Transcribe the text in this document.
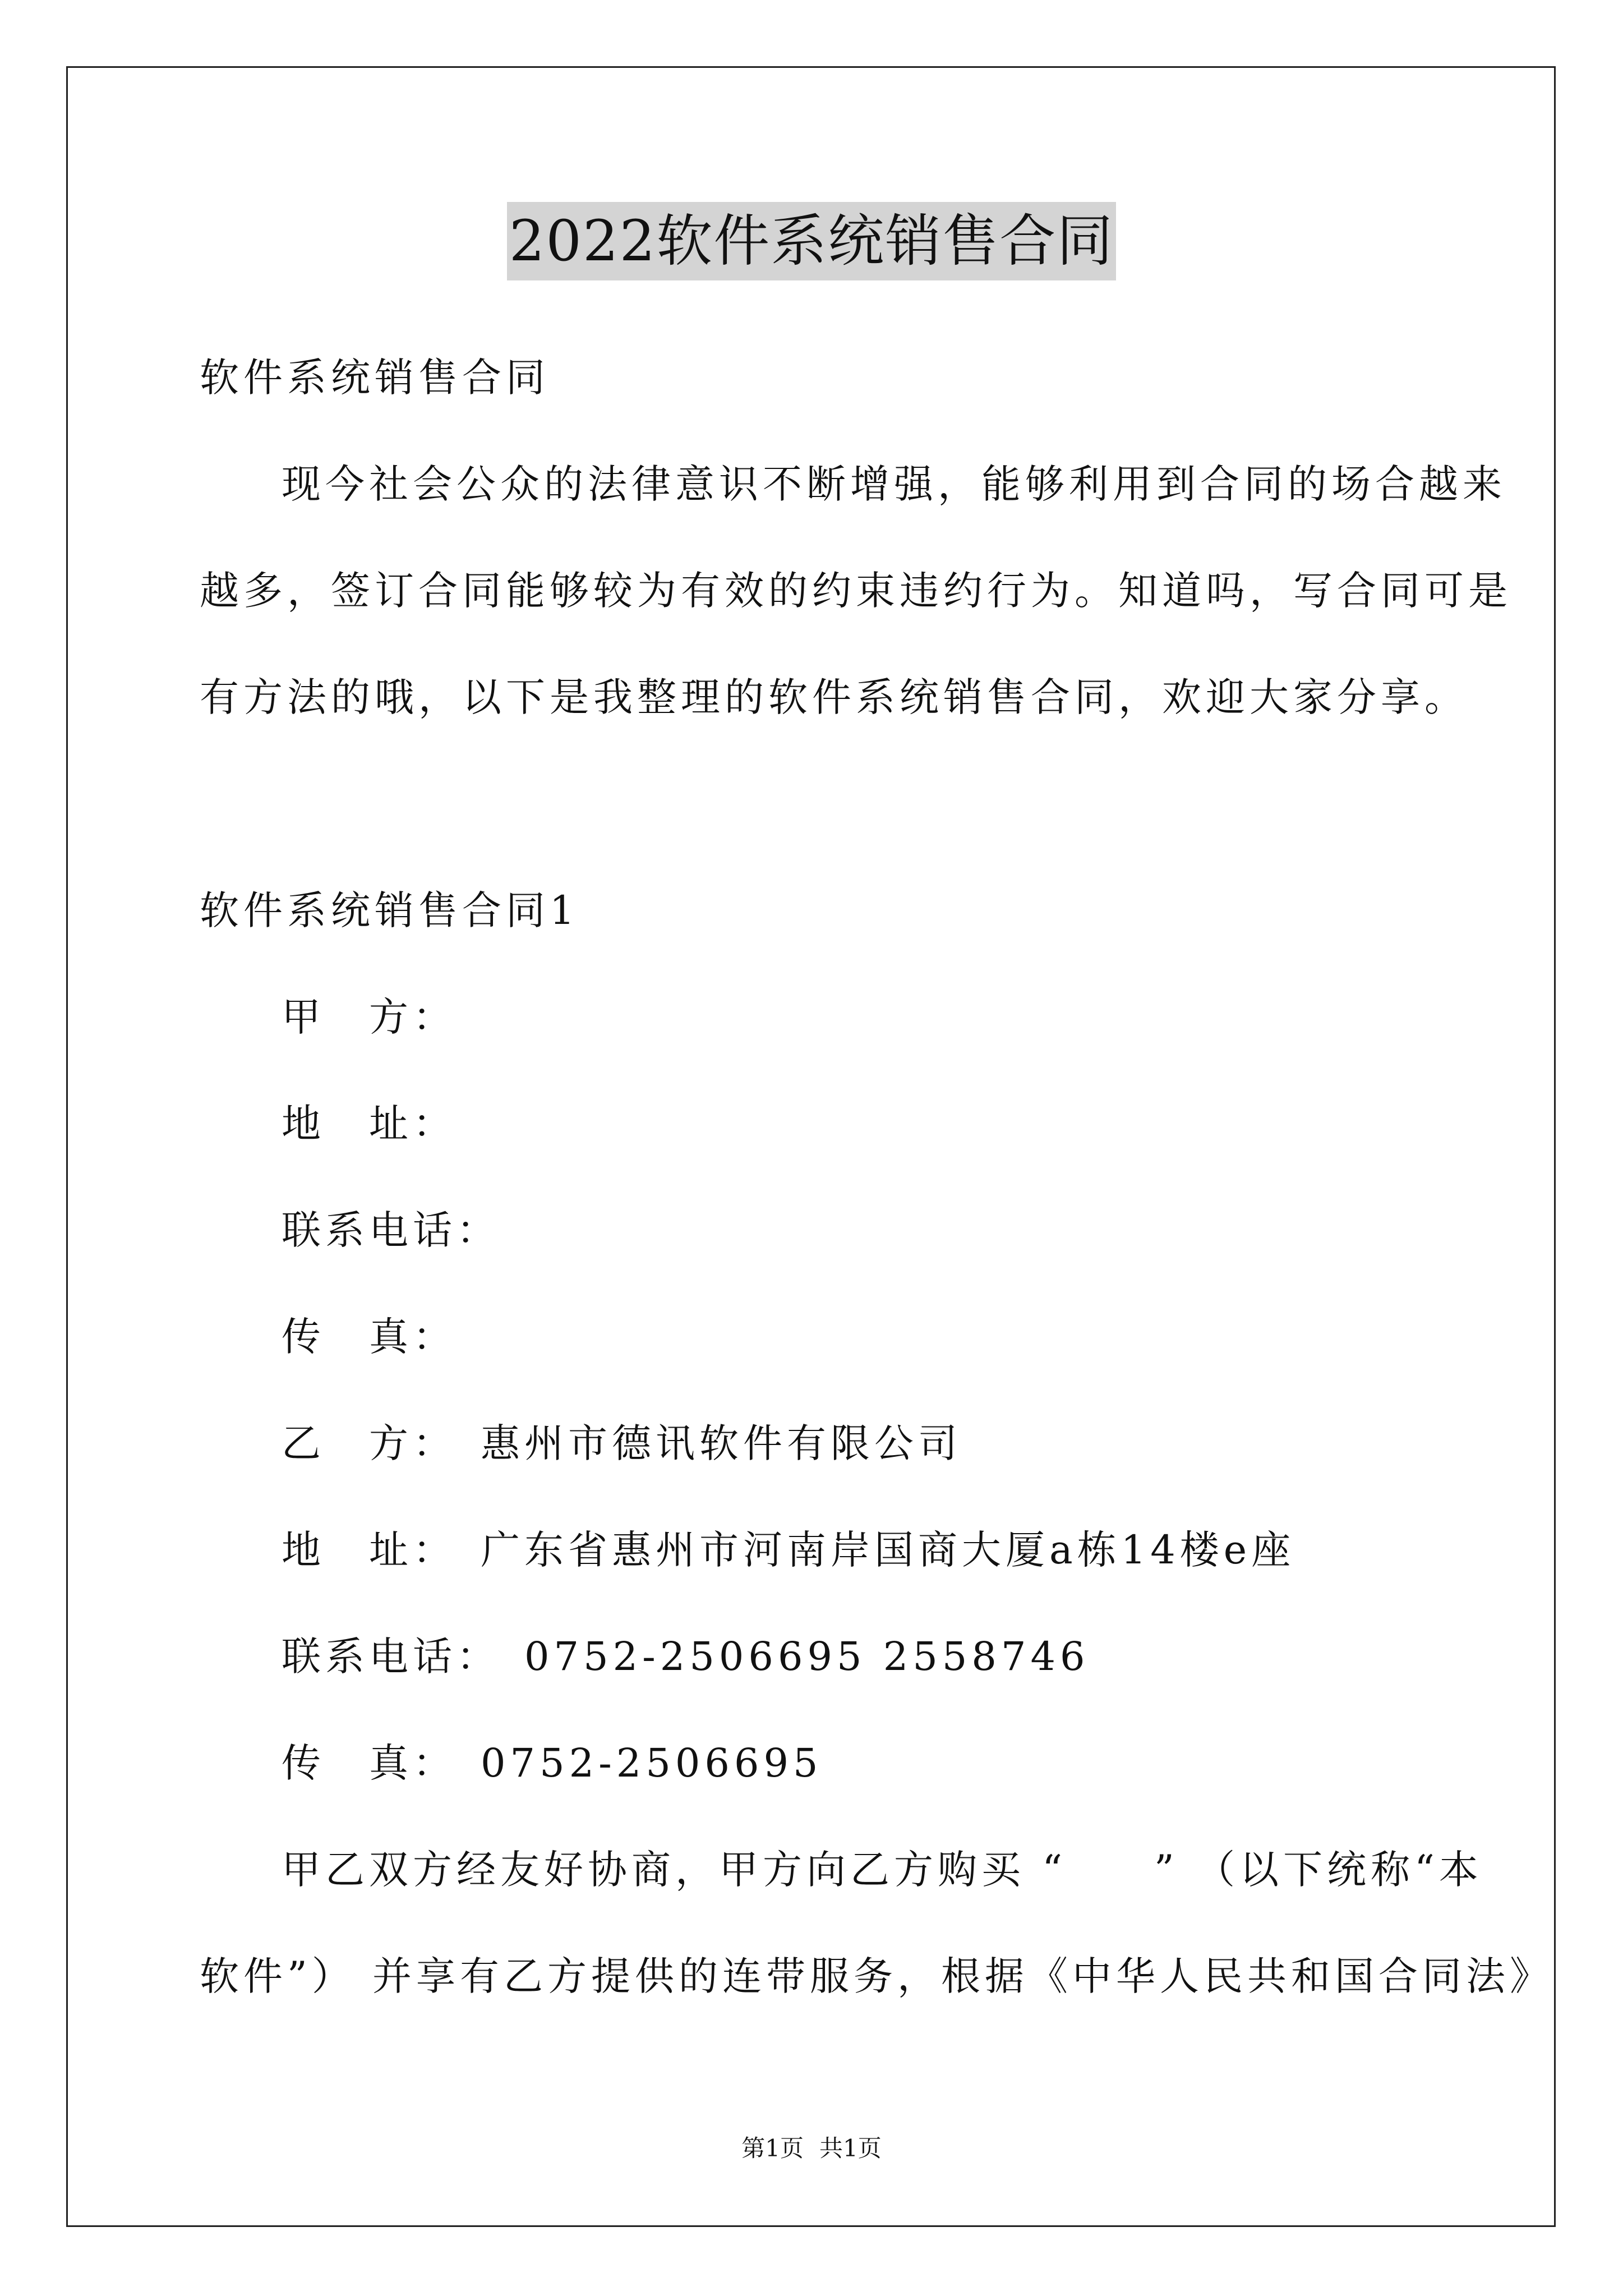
2022软件系统销售合同
软件系统销售合同
现今社会公众的法律意识不断增强，能够利用到合同的场合越来
越多，签订合同能够较为有效的约束违约行为。知道吗，写合同可是
有方法的哦，以下是我整理的软件系统销售合同，欢迎大家分享。
软件系统销售合同1
甲　方：
地　址：
联系电话：
传　真：
乙　方：　惠州市德讯软件有限公司
地　址：　广东省惠州市河南岸国商大厦a栋14楼e座
联系电话：　0752-2506695 2558746
传　真：　0752-2506695
甲乙双方经友好协商，甲方向乙方购买 “　　” （以下统称“本
软件”） 并享有乙方提供的连带服务，根据《中华人民共和国合同法》
第1页 共1页
